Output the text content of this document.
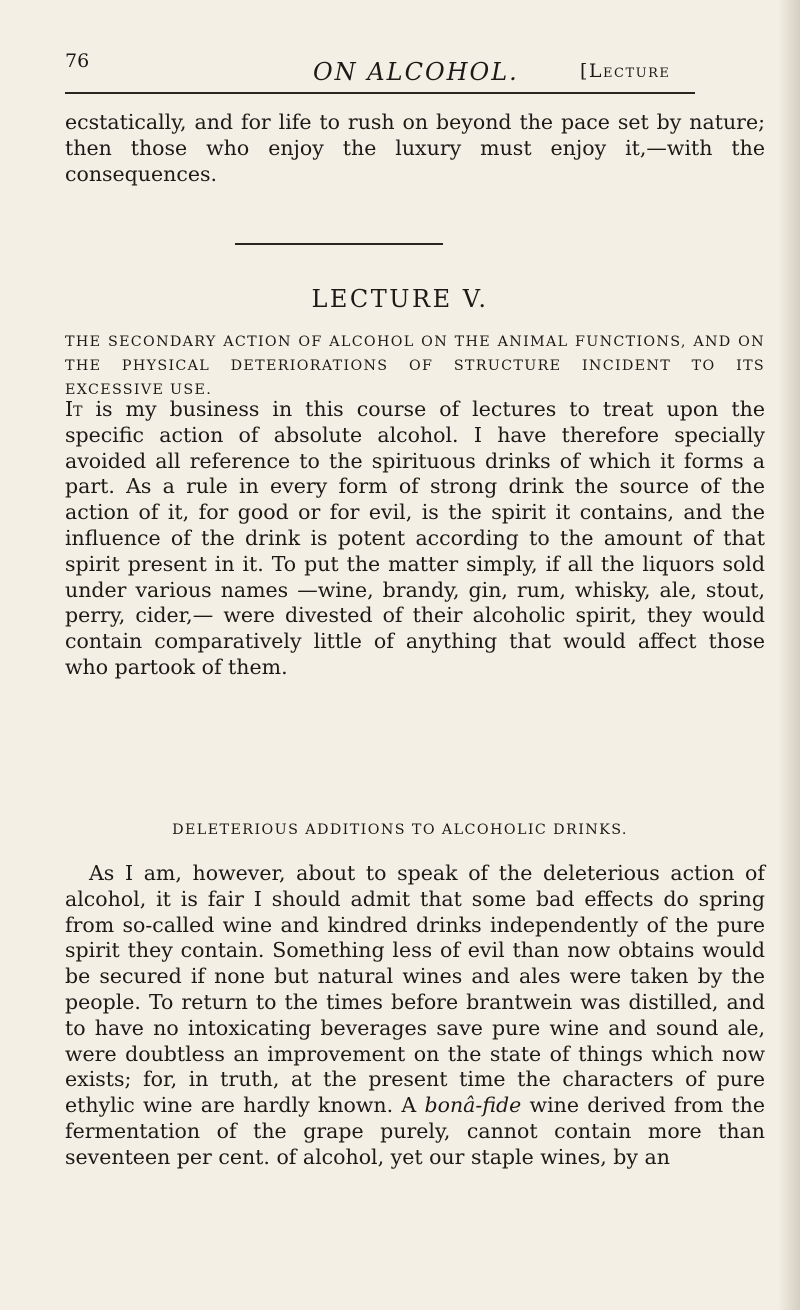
76	ON ALCOHOL.	[Lecture

ecstatically, and for life to rush on beyond the pace set by nature; then those who enjoy the luxury must enjoy it,—with the consequences.

LECTURE V.

THE SECONDARY ACTION OF ALCOHOL ON THE ANIMAL FUNCTIONS, AND ON THE PHYSICAL DETERIORATIONS OF STRUCTURE INCIDENT TO ITS EXCESSIVE USE.

It is my business in this course of lectures to treat upon the specific action of absolute alcohol. I have therefore specially avoided all reference to the spirituous drinks of which it forms a part. As a rule in every form of strong drink the source of the action of it, for good or for evil, is the spirit it contains, and the influence of the drink is potent according to the amount of that spirit present in it. To put the matter simply, if all the liquors sold under various names —wine, brandy, gin, rum, whisky, ale, stout, perry, cider,— were divested of their alcoholic spirit, they would contain comparatively little of anything that would affect those who partook of them.

DELETERIOUS ADDITIONS TO ALCOHOLIC DRINKS.

As I am, however, about to speak of the deleterious action of alcohol, it is fair I should admit that some bad effects do spring from so-called wine and kindred drinks independently of the pure spirit they contain. Something less of evil than now obtains would be secured if none but natural wines and ales were taken by the people. To return to the times before brantwein was distilled, and to have no intoxicating beverages save pure wine and sound ale, were doubtless an improvement on the state of things which now exists; for, in truth, at the present time the characters of pure ethylic wine are hardly known. A bonâ-fide wine derived from the fermentation of the grape purely, cannot contain more than seventeen per cent. of alcohol, yet our staple wines, by an
